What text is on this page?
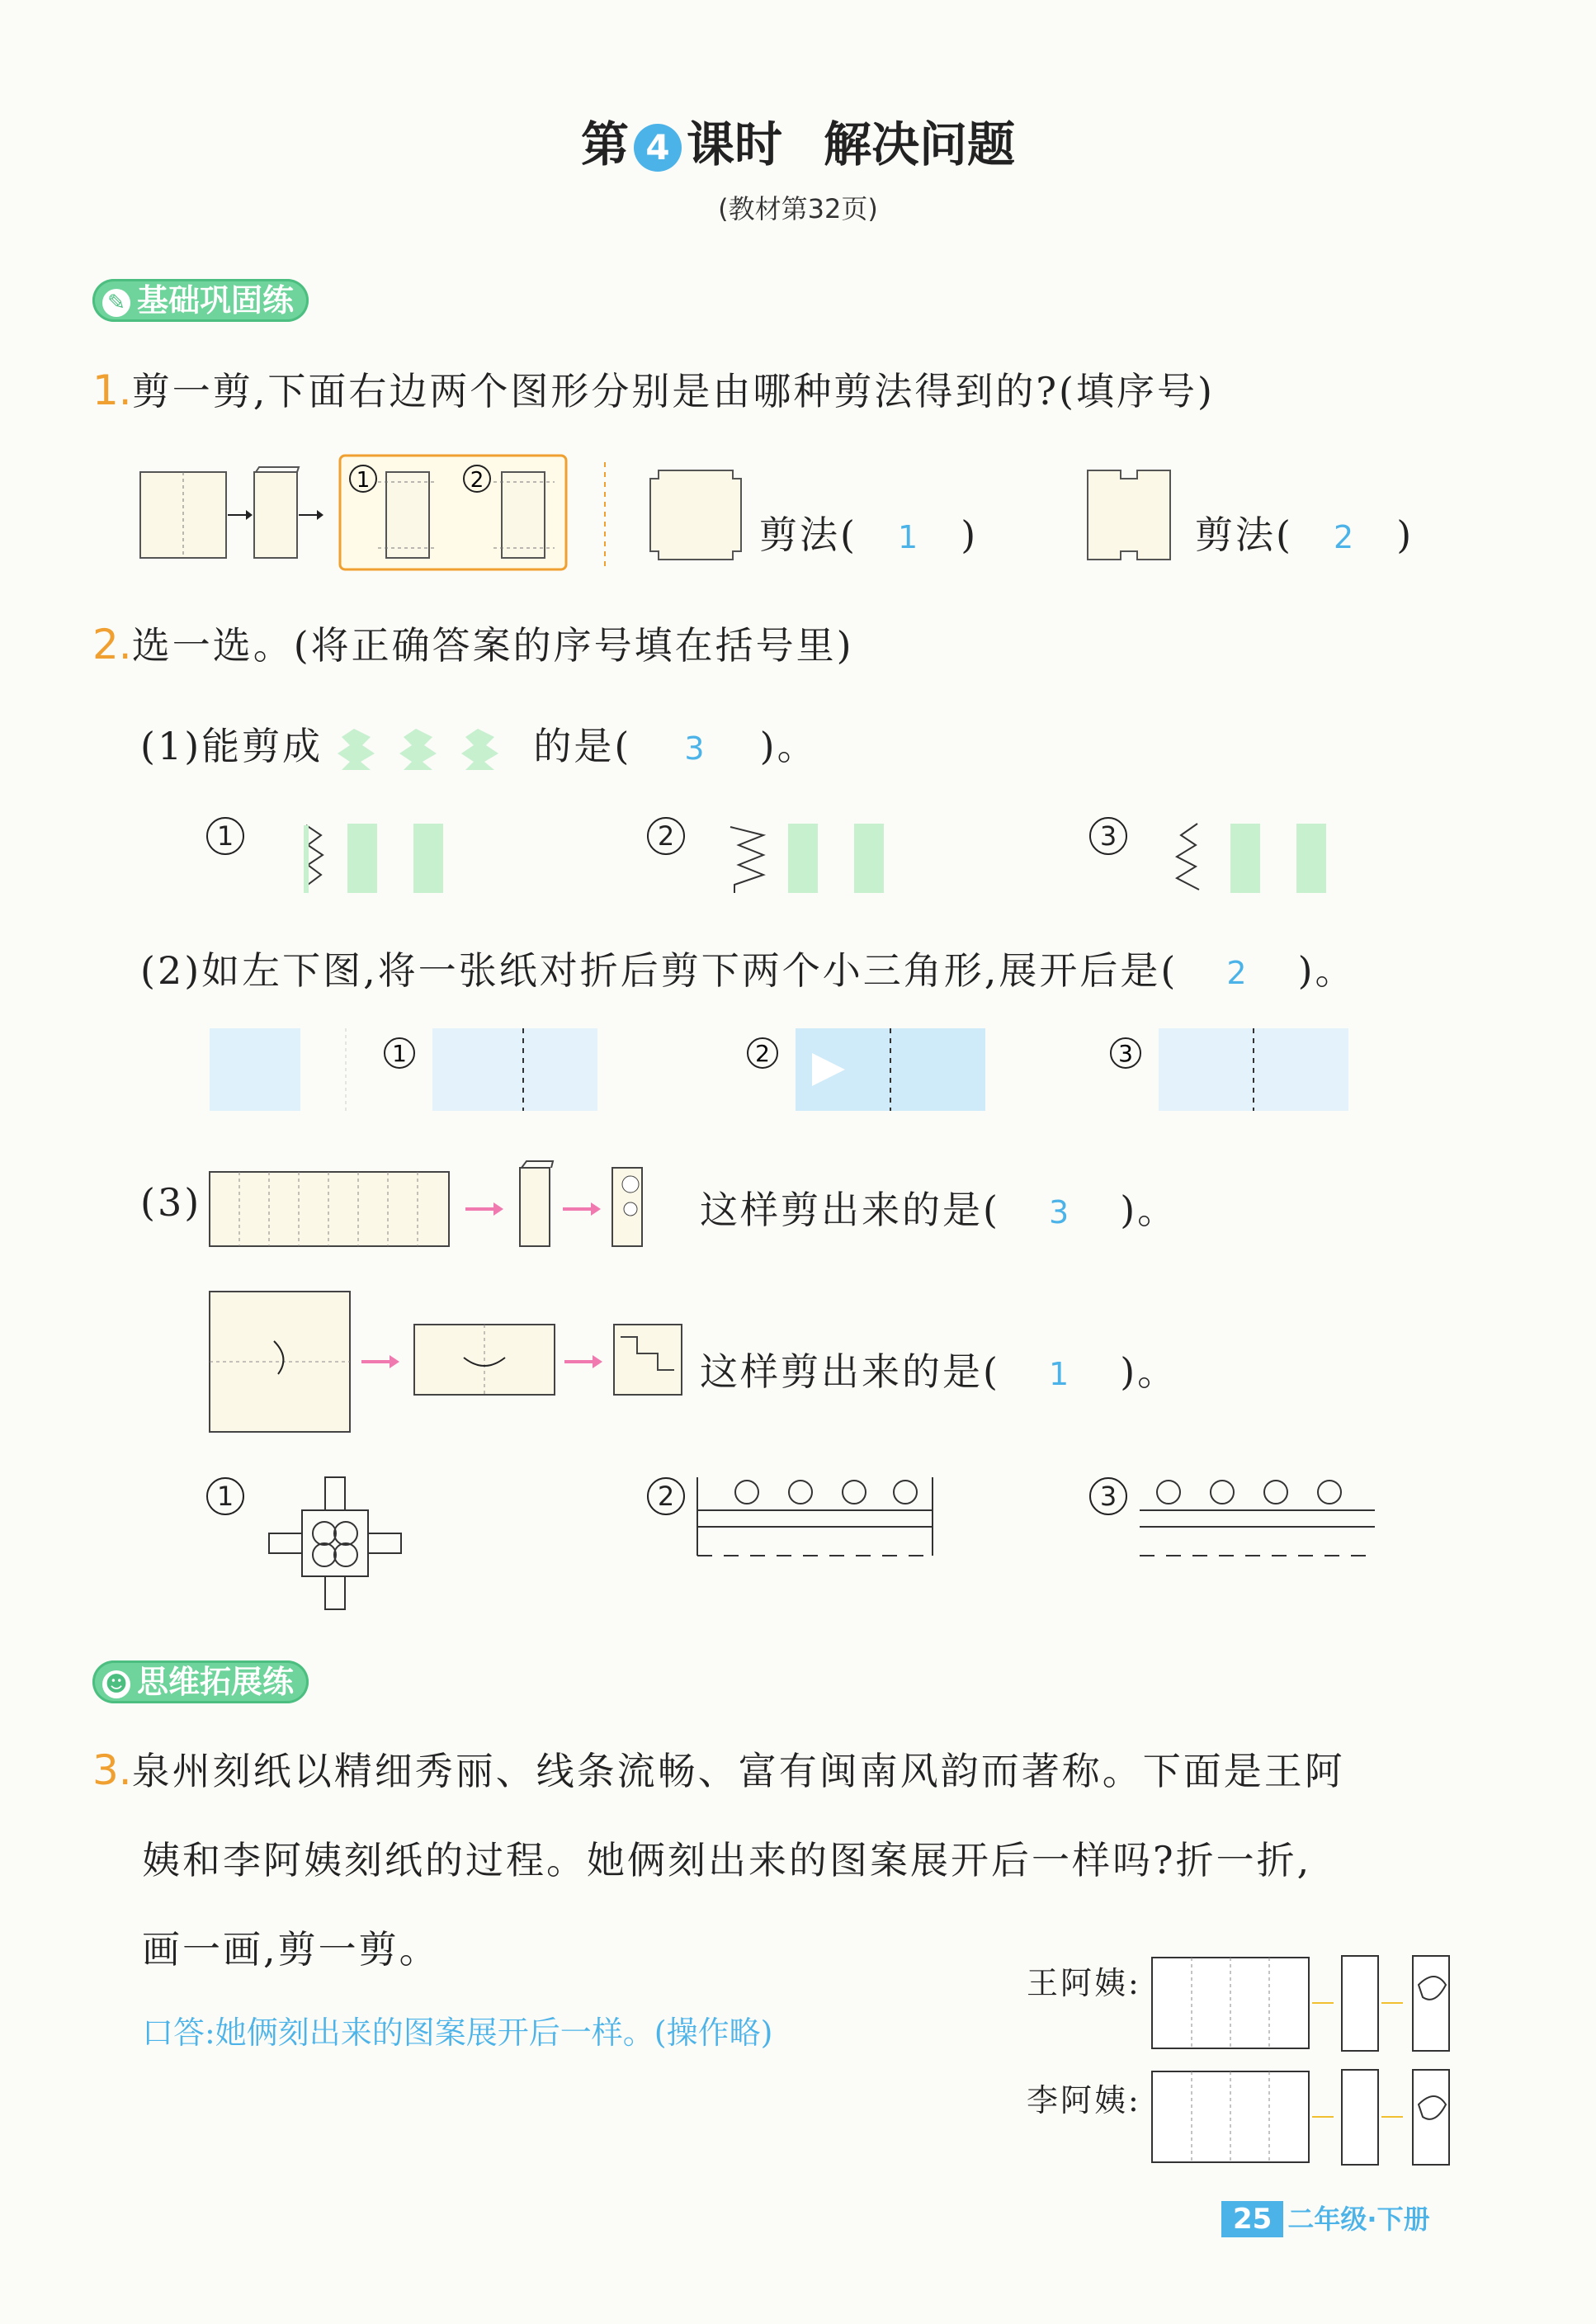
第 4 课时 解决问题
(教材第32页)
✎ 基础巩固练
1.剪一剪,下面右边两个图形分别是由哪种剪法得到的?(填序号)
1	2
剪法( 1 )	剪法( 2 )
2.选一选。(将正确答案的序号填在括号里)
(1)能剪成	的是( 3 )。
1	2	3
(2)如左下图,将一张纸对折后剪下两个小三角形,展开后是( 2 )。
1	2	3
(3)	这样剪出来的是( 3 )。
这样剪出来的是( 1 )。
1	2	3
☻ 思维拓展练
3.泉州刻纸以精细秀丽、线条流畅、富有闽南风韵而著称。下面是王阿
姨和李阿姨刻纸的过程。她俩刻出来的图案展开后一样吗?折一折,
画一画,剪一剪。
口答:她俩刻出来的图案展开后一样。(操作略)
王阿姨:
李阿姨:
25 二年级·下册
